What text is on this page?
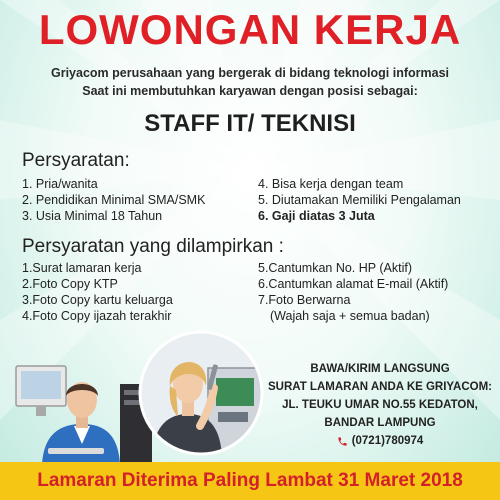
LOWONGAN KERJA
Griyacom perusahaan yang bergerak di bidang teknologi informasi
Saat ini membutuhkan karyawan dengan posisi sebagai:
STAFF IT/ TEKNISI
Persyaratan:
1. Pria/wanita
2. Pendidikan Minimal SMA/SMK
3. Usia Minimal 18 Tahun
4. Bisa kerja dengan team
5. Diutamakan Memiliki Pengalaman
6. Gaji diatas 3 Juta
Persyaratan yang dilampirkan :
1.Surat lamaran kerja
2.Foto Copy KTP
3.Foto Copy kartu keluarga
4.Foto Copy ijazah terakhir
5.Cantumkan No. HP (Aktif)
6.Cantumkan alamat E-mail (Aktif)
7.Foto Berwarna
(Wajah saja + semua badan)
BAWA/KIRIM LANGSUNG
SURAT LAMARAN ANDA KE GRIYACOM:
JL. TEUKU UMAR NO.55 KEDATON,
BANDAR LAMPUNG
(0721)780974
Lamaran Diterima Paling Lambat 31 Maret 2018
